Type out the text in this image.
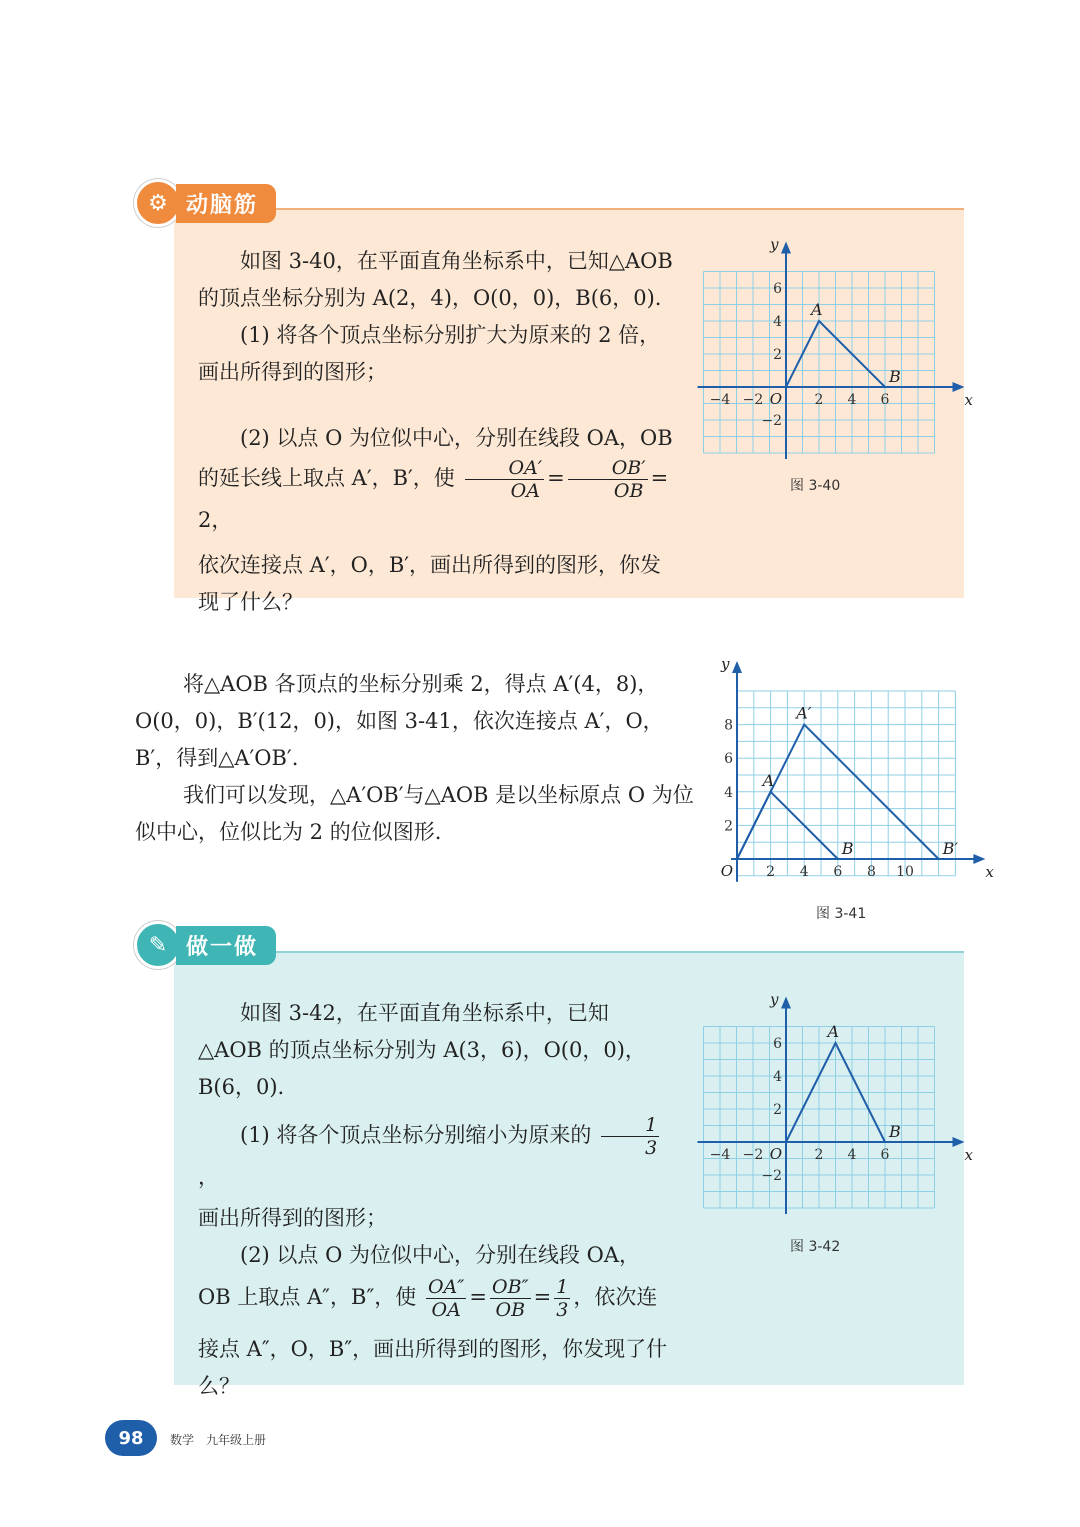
⚙ 动脑筋
如图 3-40，在平面直角坐标系中，已知△AOB 的顶点坐标分别为 A(2，4)，O(0，0)，B(6，0).
(1) 将各个顶点坐标分别扩大为原来的 2 倍，画出所得到的图形；
(2) 以点 O 为位似中心，分别在线段 OA，OB 的延长线上取点 A′，B′，使 $\frac{OA'}{OA} = \frac{OB'}{OB} = 2$，
依次连接点 A′，O，B′，画出所得到的图形，你发现了什么？
−4 −2	2 4 6
6
4
2
−2
O	x
y
A
B
图 3-40
将△AOB 各顶点的坐标分别乘 2，得点 A′(4，8)，O(0，0)，B′(12，0)，如图 3-41，依次连接点 A′，O，B′，得到△A′OB′.
我们可以发现，△A′OB′与△AOB 是以坐标原点 O 为位似中心，位似比为 2 的位似图形.
2 4 6 8 10
8
6
4
2
O	x
y
A
B
A′
B′
图 3-41
✎ 做一做
如图 3-42，在平面直角坐标系中，已知△AOB 的顶点坐标分别为 A(3，6)，O(0，0)，B(6，0).
(1) 将各个顶点坐标分别缩小为原来的 $\frac{1}{3}$
，
画出所得到的图形；
(2) 以点 O 为位似中心，分别在线段 OA，
OB 上取点 A″，B″，使 $\frac{OA''}{OA} = \frac{OB''}{OB} = \frac{1}{3}$ ，依次连
接点 A″，O，B″，画出所得到的图形，你发现了什么？
−4 −2	2 4 6
6
4
2
−2
O	x
y
A
B
图 3-42
98	数学　九年级上册
